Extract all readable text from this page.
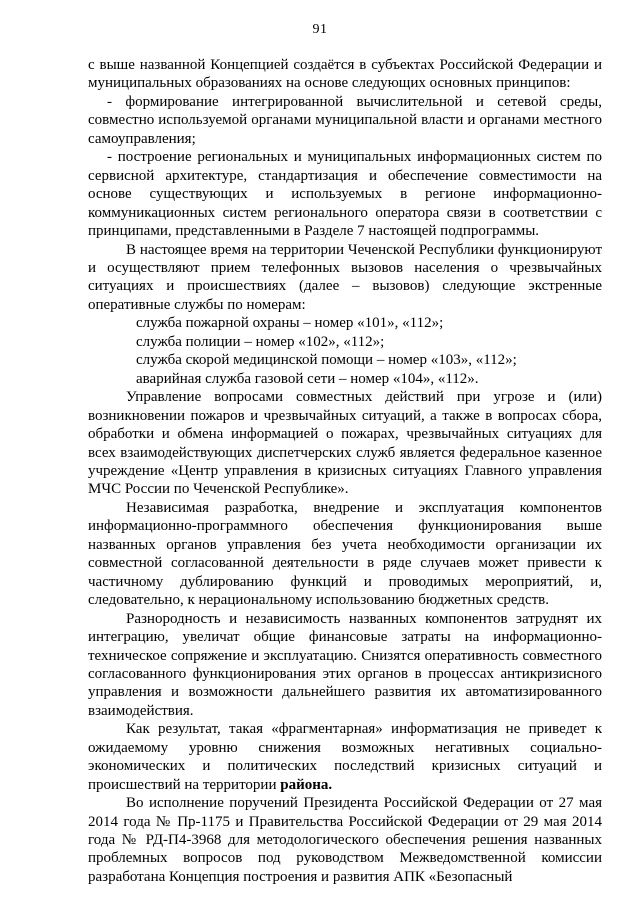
91

с выше названной Концепцией создаётся в субъектах Российской Федерации и муниципальных образованиях на основе следующих основных принципов:

- формирование интегрированной вычислительной и сетевой среды, совместно используемой органами муниципальной власти и органами местного самоуправления;

- построение региональных и муниципальных информационных систем по сервисной архитектуре, стандартизация и обеспечение совместимости на основе существующих и используемых в регионе информационно-коммуникационных систем регионального оператора связи в соответствии с принципами, представленными в Разделе 7 настоящей подпрограммы.

В настоящее время на территории Чеченской Республики функционируют и осуществляют прием телефонных вызовов населения о чрезвычайных ситуациях и происшествиях (далее – вызовов) следующие экстренные оперативные службы по номерам:

служба пожарной охраны – номер «101», «112»;

служба полиции – номер «102», «112»;

служба скорой медицинской помощи – номер «103», «112»;

аварийная служба газовой сети – номер «104», «112».

Управление вопросами совместных действий при угрозе и (или) возникновении пожаров и чрезвычайных ситуаций, а также в вопросах сбора, обработки и обмена информацией о пожарах, чрезвычайных ситуациях для всех взаимодействующих диспетчерских служб является федеральное казенное учреждение «Центр управления в кризисных ситуациях Главного управления МЧС России по Чеченской Республике».

Независимая разработка, внедрение и эксплуатация компонентов информационно-программного обеспечения функционирования выше названных органов управления без учета необходимости организации их совместной согласованной деятельности в ряде случаев может привести к частичному дублированию функций и проводимых мероприятий, и, следовательно, к нерациональному использованию бюджетных средств.

Разнородность и независимость названных компонентов затруднят их интеграцию, увеличат общие финансовые затраты на информационно-техническое сопряжение и эксплуатацию. Снизятся оперативность совместного согласованного функционирования этих органов в процессах антикризисного управления и возможности дальнейшего развития их автоматизированного взаимодействия.

Как результат, такая «фрагментарная» информатизация не приведет к ожидаемому уровню снижения возможных негативных социально-экономических и политических последствий кризисных ситуаций и происшествий на территории района.

Во исполнение поручений Президента Российской Федерации от 27 мая 2014 года № Пр-1175 и Правительства Российской Федерации от 29 мая 2014 года № РД-П4-3968 для методологического обеспечения решения названных проблемных вопросов под руководством Межведомственной комиссии разработана Концепция построения и развития АПК «Безопасный
